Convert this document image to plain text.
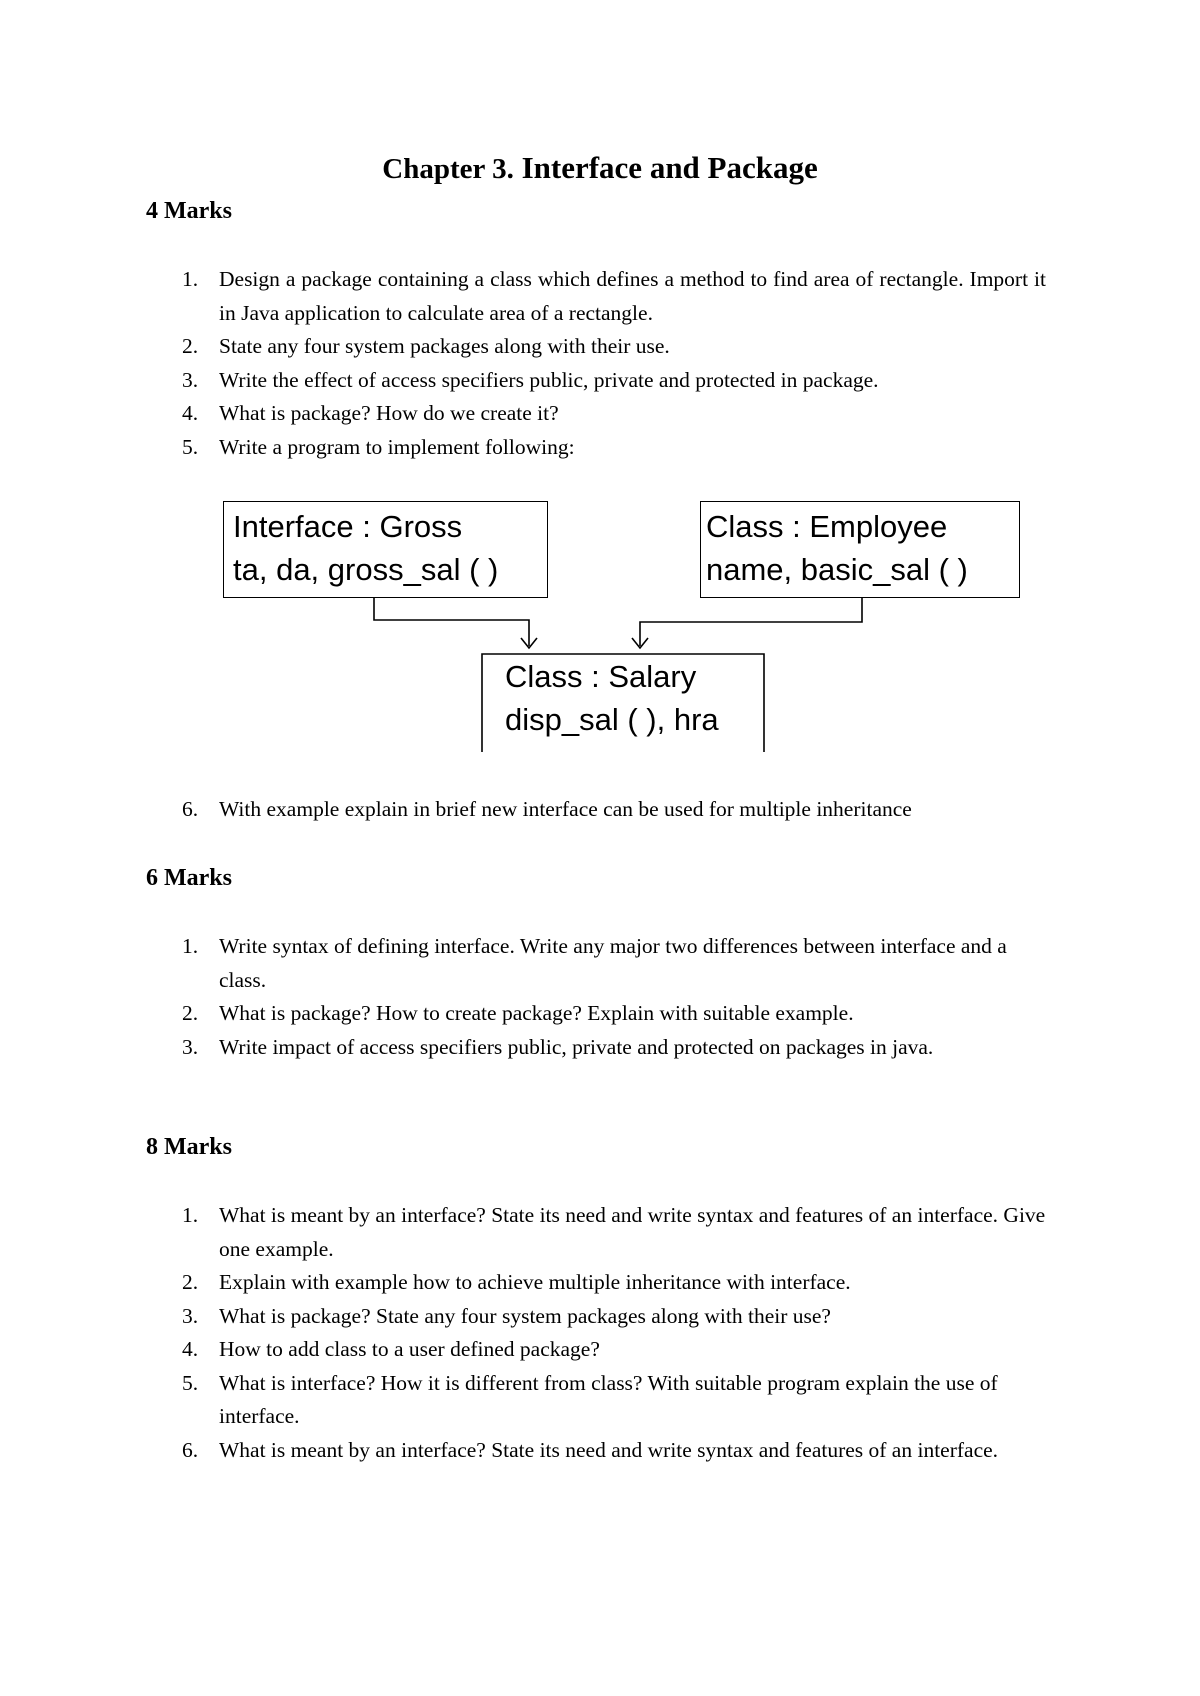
Chapter 3. Interface and Package
4 Marks
1. Design a package containing a class which defines a method to find area of rectangle. Import it in Java application to calculate area of a rectangle.
2. State any four system packages along with their use.
3. Write the effect of access specifiers public, private and protected in package.
4. What is package? How do we create it?
5. Write a program to implement following:
Interface : Gross
ta, da, gross_sal ( )
Class : Employee
name, basic_sal ( )
Class : Salary
disp_sal ( ), hra
6. With example explain in brief new interface can be used for multiple inheritance
6 Marks
1. Write syntax of defining interface. Write any major two differences between interface and a class.
2. What is package? How to create package? Explain with suitable example.
3. Write impact of access specifiers public, private and protected on packages in java.
8 Marks
1. What is meant by an interface? State its need and write syntax and features of an interface. Give one example.
2. Explain with example how to achieve multiple inheritance with interface.
3. What is package? State any four system packages along with their use?
4. How to add class to a user defined package?
5. What is interface? How it is different from class? With suitable program explain the use of interface.
6. What is meant by an interface? State its need and write syntax and features of an interface.
